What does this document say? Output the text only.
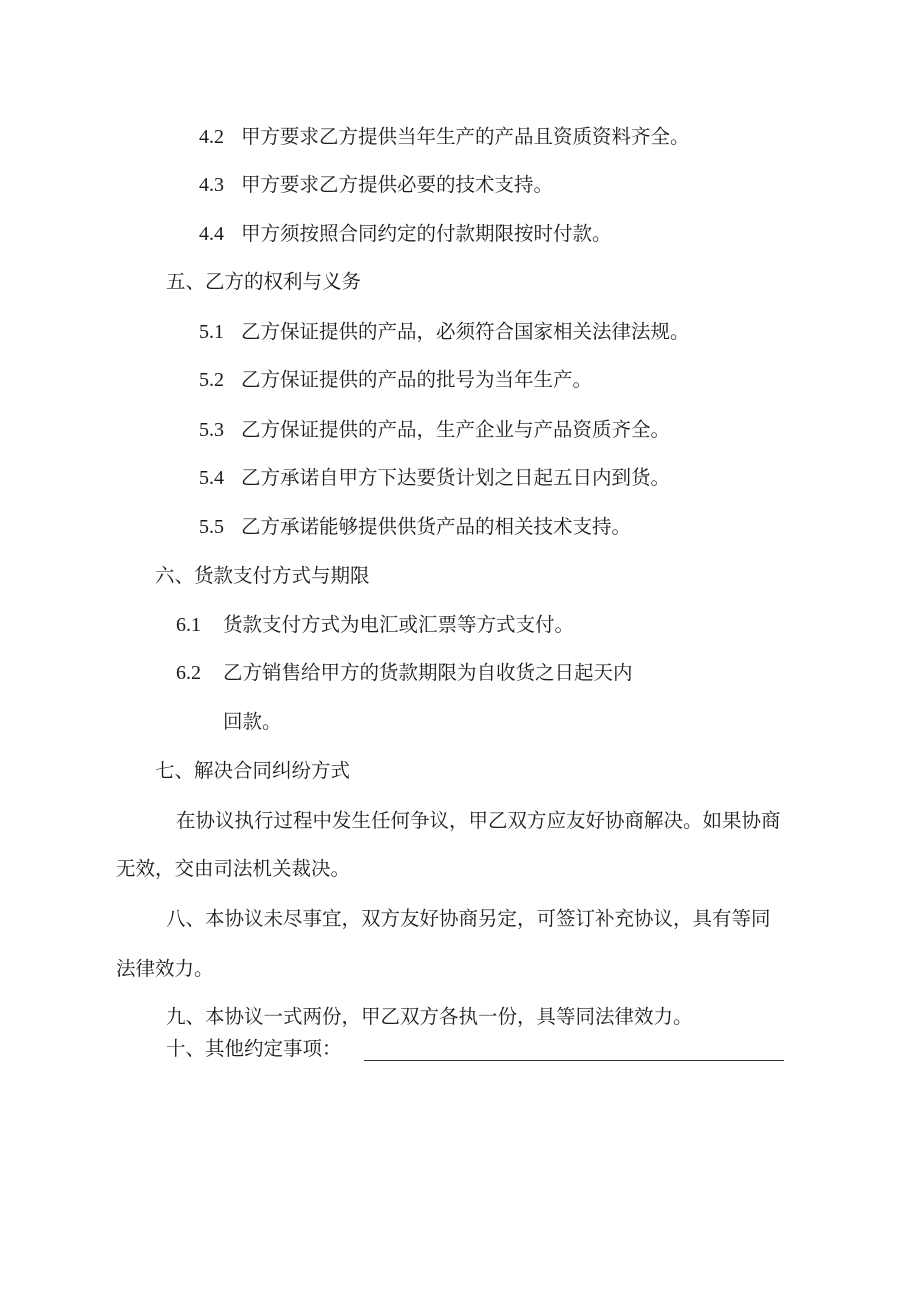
4.2 甲方要求乙方提供当年生产的产品且资质资料齐全。
4.3 甲方要求乙方提供必要的技术支持。
4.4 甲方须按照合同约定的付款期限按时付款。
五、乙方的权利与义务
5.1 乙方保证提供的产品，必须符合国家相关法律法规。
5.2 乙方保证提供的产品的批号为当年生产。
5.3 乙方保证提供的产品，生产企业与产品资质齐全。
5.4 乙方承诺自甲方下达要货计划之日起五日内到货。
5.5 乙方承诺能够提供供货产品的相关技术支持。
六、货款支付方式与期限
6.1 货款支付方式为电汇或汇票等方式支付。
6.2 乙方销售给甲方的货款期限为自收货之日起天内
回款。
七、解决合同纠纷方式
在协议执行过程中发生任何争议，甲乙双方应友好协商解决。如果协商
无效，交由司法机关裁决。
八、本协议未尽事宜，双方友好协商另定，可签订补充协议，具有等同
法律效力。
九、本协议一式两份，甲乙双方各执一份，具等同法律效力。
十、其他约定事项：
